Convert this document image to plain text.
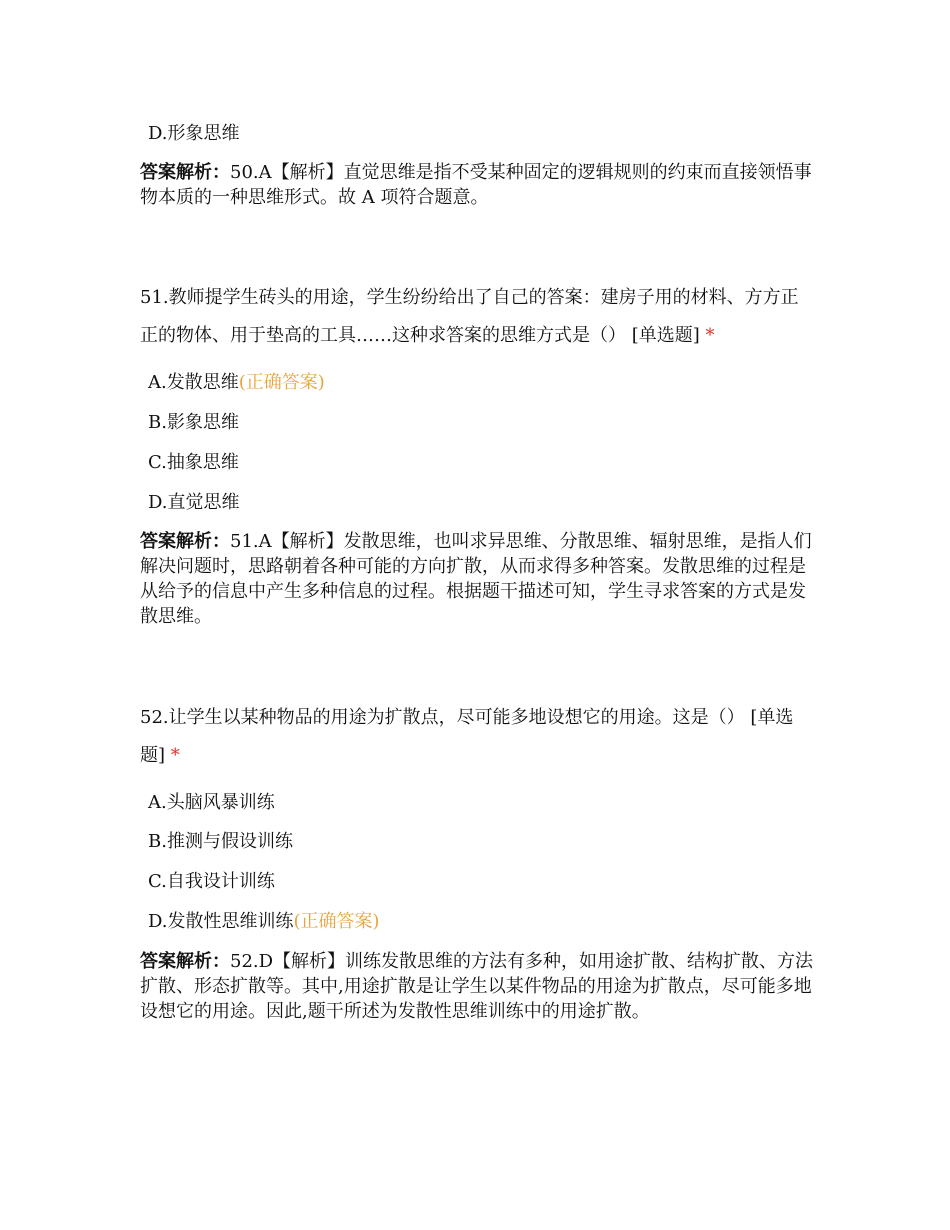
D.形象思维
答案解析：50.A【解析】直觉思维是指不受某种固定的逻辑规则的约束而直接领悟事物本质的一种思维形式。故 A 项符合题意。
51.教师提学生砖头的用途，学生纷纷给出了自己的答案：建房子用的材料、方方正正的物体、用于垫高的工具……这种求答案的思维方式是（） [单选题] *
A.发散思维(正确答案)
B.影象思维
C.抽象思维
D.直觉思维
答案解析：51.A【解析】发散思维，也叫求异思维、分散思维、辐射思维，是指人们解决问题时，思路朝着各种可能的方向扩散，从而求得多种答案。发散思维的过程是从给予的信息中产生多种信息的过程。根据题干描述可知，学生寻求答案的方式是发散思维。
52.让学生以某种物品的用途为扩散点，尽可能多地设想它的用途。这是（） [单选题] *
A.头脑风暴训练
B.推测与假设训练
C.自我设计训练
D.发散性思维训练(正确答案)
答案解析：52.D【解析】训练发散思维的方法有多种，如用途扩散、结构扩散、方法扩散、形态扩散等。其中,用途扩散是让学生以某件物品的用途为扩散点，尽可能多地设想它的用途。因此,题干所述为发散性思维训练中的用途扩散。
